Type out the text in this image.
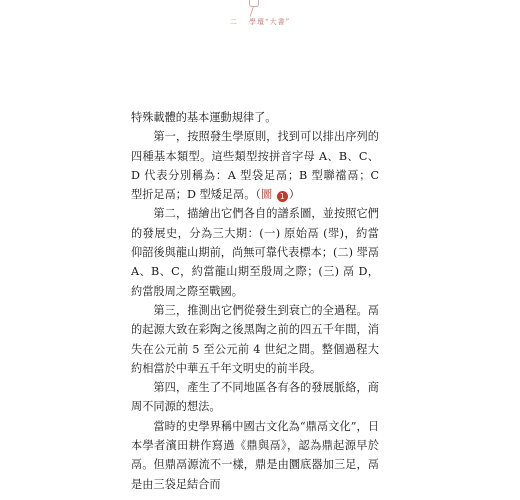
二 學壇“大書”

特殊載體的基本運動規律了。

第一，按照發生學原則，找到可以排出序列的四種基本類型。這些類型按拼音字母 A、B、C、D 代表分別稱為：A 型袋足鬲；B 型聯襠鬲；C 型折足鬲；D 型矮足鬲。（圖 1 ）

第二，描繪出它們各自的譜系圖，並按照它們的發展史，分為三大期：(一) 原始鬲 (斝)，約當仰韶後與龍山期前，尚無可靠代表標本；(二) 斝鬲 A、B、C，約當龍山期至殷周之際；(三) 鬲 D，約當殷周之際至戰國。

第三，推測出它們從發生到衰亡的全過程。鬲的起源大致在彩陶之後黑陶之前的四五千年間，消失在公元前 5 至公元前 4 世紀之間。整個過程大約相當於中華五千年文明史的前半段。

第四，產生了不同地區各有各的發展脈絡，商周不同源的想法。

當時的史學界稱中國古文化為“鼎鬲文化”，日本學者濱田耕作寫過《鼎與鬲》，認為鼎起源早於鬲。但鼎鬲源流不一樣，鼎是由圜底器加三足，鬲是由三袋足結合而
